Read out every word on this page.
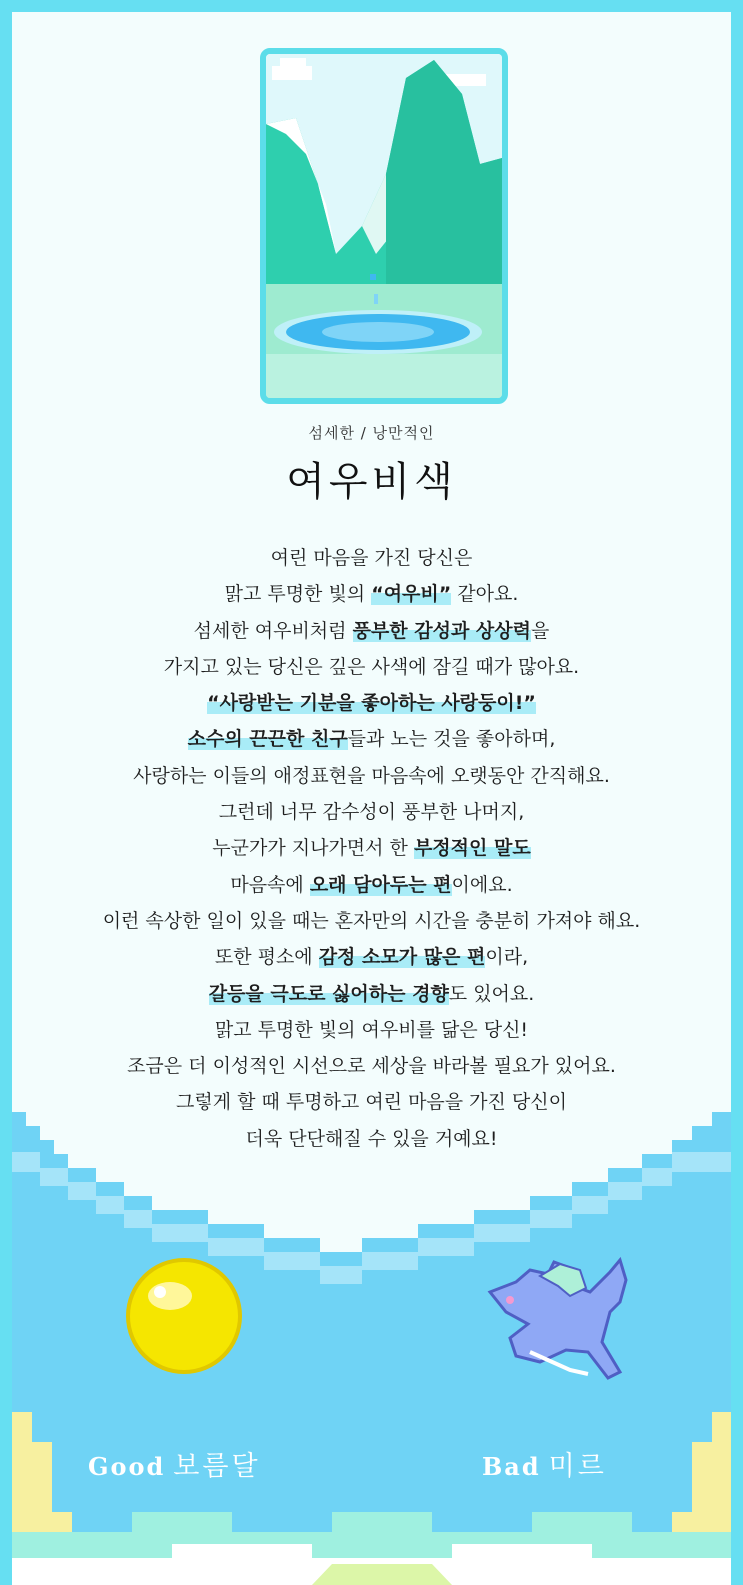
섬세한 / 낭만적인
여우비색
여린 마음을 가진 당신은
맑고 투명한 빛의 “여우비” 같아요.
섬세한 여우비처럼 풍부한 감성과 상상력을
가지고 있는 당신은 깊은 사색에 잠길 때가 많아요.
“사랑받는 기분을 좋아하는 사랑둥이!”
소수의 끈끈한 친구들과 노는 것을 좋아하며,
사랑하는 이들의 애정표현을 마음속에 오랫동안 간직해요.
그런데 너무 감수성이 풍부한 나머지,
누군가가 지나가면서 한 부정적인 말도
마음속에 오래 담아두는 편이에요.
이런 속상한 일이 있을 때는 혼자만의 시간을 충분히 가져야 해요.
또한 평소에 감정 소모가 많은 편이라,
갈등을 극도로 싫어하는 경향도 있어요.
맑고 투명한 빛의 여우비를 닮은 당신!
조금은 더 이성적인 시선으로 세상을 바라볼 필요가 있어요.
그렇게 할 때 투명하고 여린 마음을 가진 당신이
더욱 단단해질 수 있을 거예요!
Good 보름달	Bad 미르
